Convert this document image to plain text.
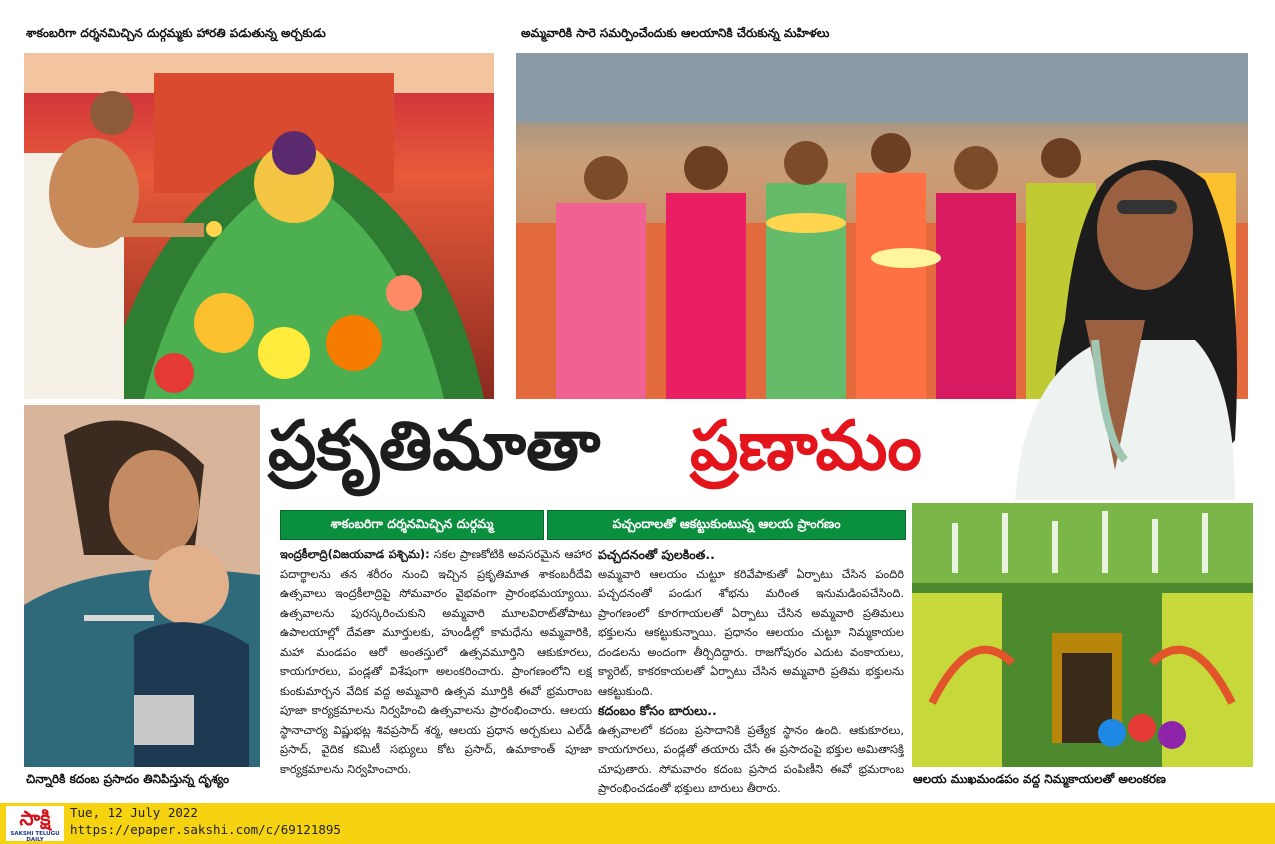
శాకంబరిగా దర్శనమిచ్చిన దుర్గమ్మకు హారతి పడుతున్న అర్చకుడు	అమ్మవారికి సారె సమర్పించేందుకు ఆలయానికి చేరుకున్న మహిళలు
ప్రకృతిమాతా ప్రణామం
శాకంబరిగా దర్శనమిచ్చిన దుర్గమ్మ	పచ్చందాలతో ఆకట్టుకుంటున్న ఆలయ ప్రాంగణం

ఇంద్రకీలాద్రి(విజయవాడ పశ్చిమ): సకల ప్రాణకోటికి అవసరమైన ఆహార పదార్థాలను తన శరీరం నుంచి ఇచ్చిన ప్రకృతిమాత శాకంబరీదేవి ఉత్సవాలు ఇంద్రకీలాద్రిపై సోమవారం వైభవంగా ప్రారంభమయ్యాయి. ఉత్సవాలను పురస్కరించుకుని అమ్మవారి మూలవిరాట్‌తోపాటు ఉపాలయాల్లో దేవతా మూర్తులకు, హుండీల్లో కామధేను అమ్మవారికి, మహా మండపం ఆరో అంతస్తులో ఉత్సవమూర్తిని ఆకుకూరలు, కాయగూరలు, పండ్లతో విశేషంగా అలంకరించారు. ప్రాంగణంలోని లక్ష కుంకుమార్చన వేదిక వద్ద అమ్మవారి ఉత్సవ మూర్తికి ఈవో భ్రమరాంబ పూజా కార్యక్రమాలను నిర్వహించి ఉత్సవాలను ప్రారంభించారు. ఆలయ స్థానాచార్య విష్ణుభట్ల శివప్రసాద్ శర్మ, ఆలయ ప్రధాన అర్చకులు ఎల్‌డీ ప్రసాద్, వైదిక కమిటీ సభ్యులు కోట ప్రసాద్, ఉమాకాంత్ పూజా కార్యక్రమాలను నిర్వహించారు.

పచ్చదనంతో పులకింత..

అమ్మవారి ఆలయం చుట్టూ కరివేపాకుతో ఏర్పాటు చేసిన పందిరి పచ్చదనంతో పండుగ శోభను మరింత ఇనుమడింపచేసింది. ప్రాంగణంలో కూరగాయలతో ఏర్పాటు చేసిన అమ్మవారి ప్రతిమలు భక్తులను ఆకట్టుకున్నాయి. ప్రధానం ఆలయం చుట్టూ నిమ్మకాయల దండలను అందంగా తీర్చిదిద్దారు. రాజగోపురం ఎదుట వంకాయలు, క్యారెట్, కాకరకాయలతో ఏర్పాటు చేసిన అమ్మవారి ప్రతిమ భక్తులను ఆకట్టుకుంది.

కదంబం కోసం బారులు..

ఉత్సవాలలో కదంబ ప్రసాదానికి ప్రత్యేక స్థానం ఉంది. ఆకుకూరలు, కాయగూరలు, పండ్లతో తయారు చేసే ఈ ప్రసాదంపై భక్తుల అమితాసక్తి చూపుతారు. సోమవారం కదంబ ప్రసాద పంపిణీని ఈవో భ్రమరాంబ ప్రారంభించడంతో భక్తులు బారులు తీరారు.

చిన్నారికి కదంబ ప్రసాదం తినిపిస్తున్న దృశ్యం	ఆలయ ముఖమండపం వద్ద నిమ్మకాయలతో అలంకరణ
సాక్షి
SAKSHI TELUGU DAILY
Tue, 12 July 2022
https://epaper.sakshi.com/c/69121895
